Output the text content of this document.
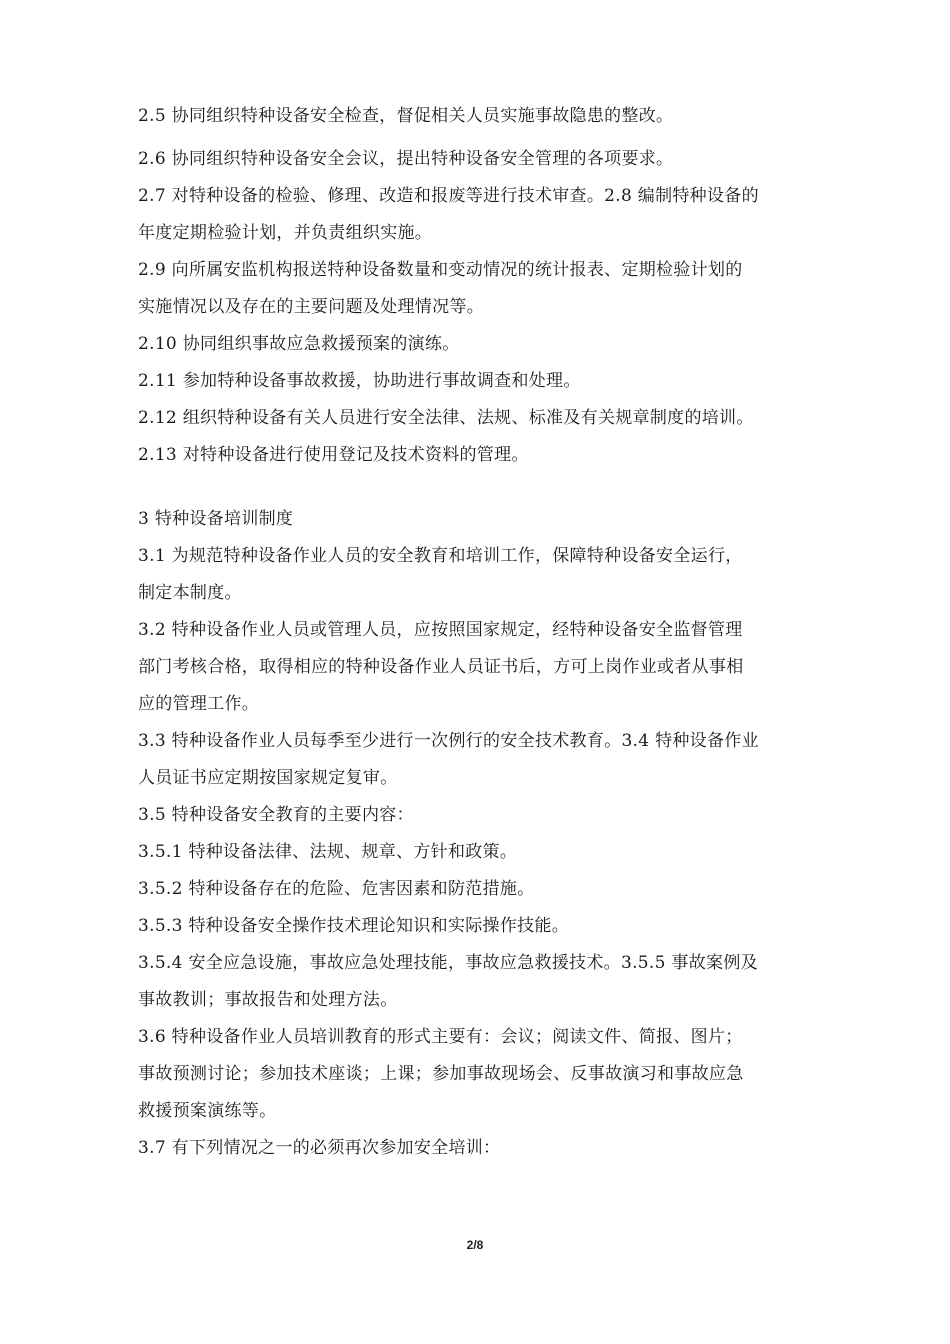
2.5 协同组织特种设备安全检查，督促相关人员实施事故隐患的整改。
2.6 协同组织特种设备安全会议，提出特种设备安全管理的各项要求。
2.7 对特种设备的检验、修理、改造和报废等进行技术审查。2.8 编制特种设备的
年度定期检验计划，并负责组织实施。
2.9 向所属安监机构报送特种设备数量和变动情况的统计报表、定期检验计划的
实施情况以及存在的主要问题及处理情况等。
2.10 协同组织事故应急救援预案的演练。
2.11 参加特种设备事故救援，协助进行事故调查和处理。
2.12 组织特种设备有关人员进行安全法律、法规、标准及有关规章制度的培训。
2.13 对特种设备进行使用登记及技术资料的管理。
3 特种设备培训制度
3.1 为规范特种设备作业人员的安全教育和培训工作，保障特种设备安全运行，
制定本制度。
3.2 特种设备作业人员或管理人员，应按照国家规定，经特种设备安全监督管理
部门考核合格，取得相应的特种设备作业人员证书后，方可上岗作业或者从事相
应的管理工作。
3.3 特种设备作业人员每季至少进行一次例行的安全技术教育。3.4 特种设备作业
人员证书应定期按国家规定复审。
3.5 特种设备安全教育的主要内容：
3.5.1 特种设备法律、法规、规章、方针和政策。
3.5.2 特种设备存在的危险、危害因素和防范措施。
3.5.3 特种设备安全操作技术理论知识和实际操作技能。
3.5.4 安全应急设施，事故应急处理技能，事故应急救援技术。3.5.5 事故案例及
事故教训；事故报告和处理方法。
3.6 特种设备作业人员培训教育的形式主要有：会议；阅读文件、简报、图片；
事故预测讨论；参加技术座谈；上课；参加事故现场会、反事故演习和事故应急
救援预案演练等。
3.7 有下列情况之一的必须再次参加安全培训：
2/8
